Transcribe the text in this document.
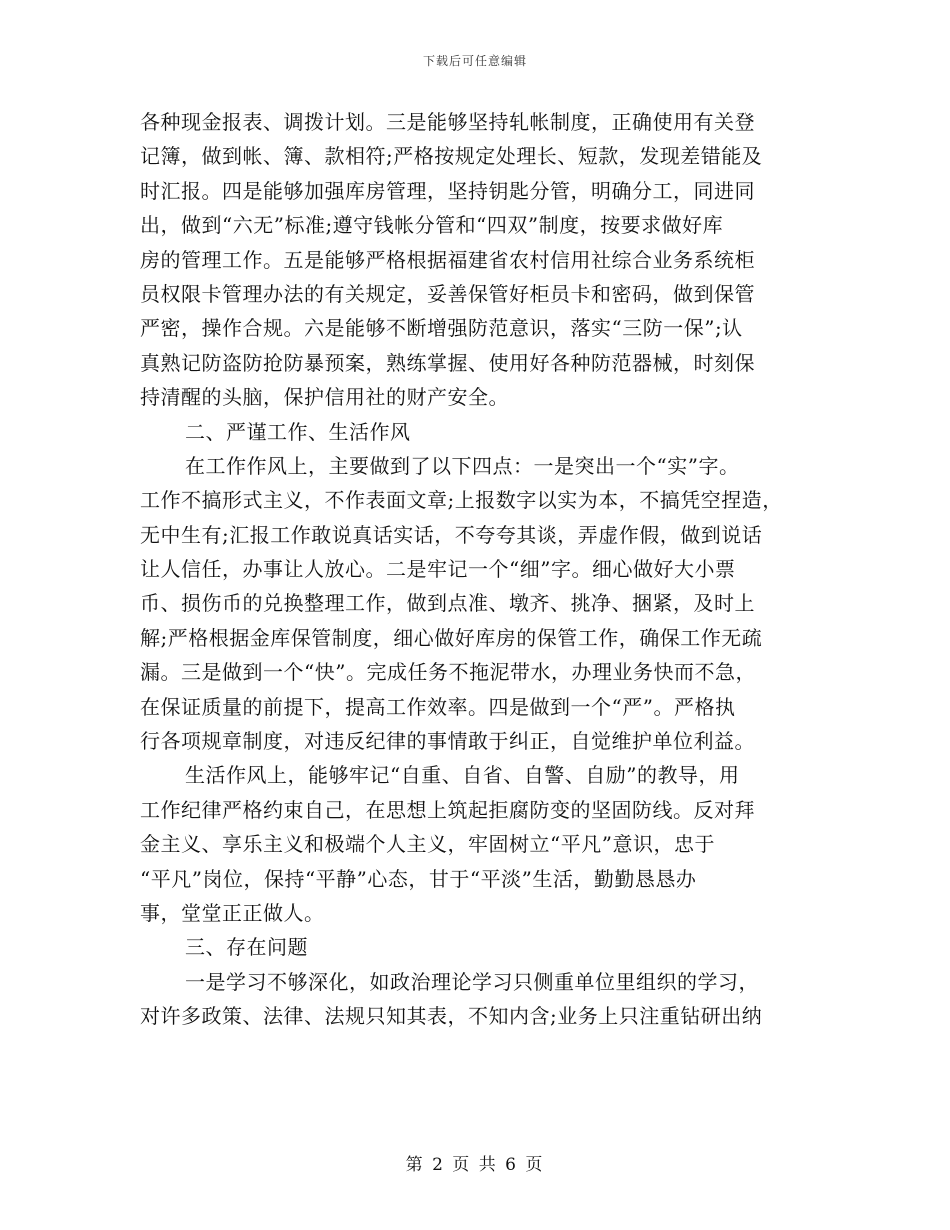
下载后可任意编辑
各种现金报表、调拨计划。三是能够坚持轧帐制度，正确使用有关登
记簿，做到帐、簿、款相符;严格按规定处理长、短款，发现差错能及
时汇报。四是能够加强库房管理，坚持钥匙分管，明确分工，同进同
出，做到“六无”标准;遵守钱帐分管和“四双”制度，按要求做好库
房的管理工作。五是能够严格根据福建省农村信用社综合业务系统柜
员权限卡管理办法的有关规定，妥善保管好柜员卡和密码，做到保管
严密，操作合规。六是能够不断增强防范意识，落实“三防一保”;认
真熟记防盗防抢防暴预案，熟练掌握、使用好各种防范器械，时刻保
持清醒的头脑，保护信用社的财产安全。
二、严谨工作、生活作风
在工作作风上，主要做到了以下四点：一是突出一个“实”字。
工作不搞形式主义，不作表面文章;上报数字以实为本，不搞凭空捏造，
无中生有;汇报工作敢说真话实话，不夸夸其谈，弄虚作假，做到说话
让人信任，办事让人放心。二是牢记一个“细”字。细心做好大小票
币、损伤币的兑换整理工作，做到点准、墩齐、挑净、捆紧，及时上
解;严格根据金库保管制度，细心做好库房的保管工作，确保工作无疏
漏。三是做到一个“快”。完成任务不拖泥带水，办理业务快而不急，
在保证质量的前提下，提高工作效率。四是做到一个“严”。严格执
行各项规章制度，对违反纪律的事情敢于纠正，自觉维护单位利益。
生活作风上，能够牢记“自重、自省、自警、自励”的教导，用
工作纪律严格约束自己，在思想上筑起拒腐防变的坚固防线。反对拜
金主义、享乐主义和极端个人主义，牢固树立“平凡”意识，忠于
“平凡”岗位，保持“平静”心态，甘于“平淡”生活，勤勤恳恳办
事，堂堂正正做人。
三、存在问题
一是学习不够深化，如政治理论学习只侧重单位里组织的学习，
对许多政策、法律、法规只知其表，不知内含;业务上只注重钻研出纳
第 2 页 共 6 页
